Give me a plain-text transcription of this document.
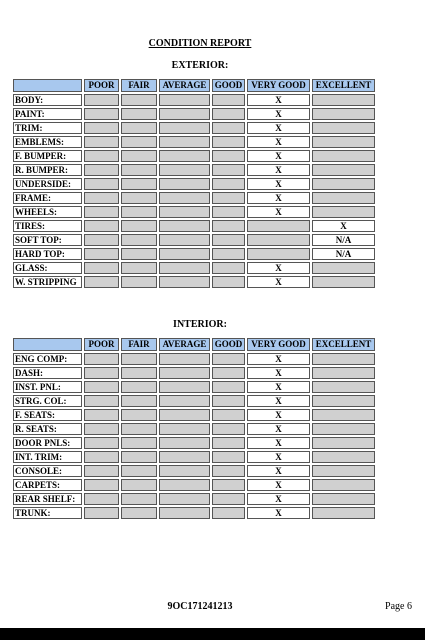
CONDITION REPORT
EXTERIOR:
	POOR	FAIR	AVERAGE	GOOD	VERY GOOD	EXCELLENT
BODY:					X	
PAINT:					X	
TRIM:					X	
EMBLEMS:					X	
F. BUMPER:					X	
R. BUMPER:					X	
UNDERSIDE:					X	
FRAME:					X	
WHEELS:					X	
TIRES:						X
SOFT TOP:						N/A
HARD TOP:						N/A
GLASS:					X	
W. STRIPPING					X	
INTERIOR:
	POOR	FAIR	AVERAGE	GOOD	VERY GOOD	EXCELLENT
ENG COMP:					X	
DASH:					X	
INST. PNL:					X	
STRG. COL:					X	
F. SEATS:					X	
R. SEATS:					X	
DOOR PNLS:					X	
INT. TRIM:					X	
CONSOLE:					X	
CARPETS:					X	
REAR SHELF:					X	
TRUNK:					X	
9OC171241213	Page 6
